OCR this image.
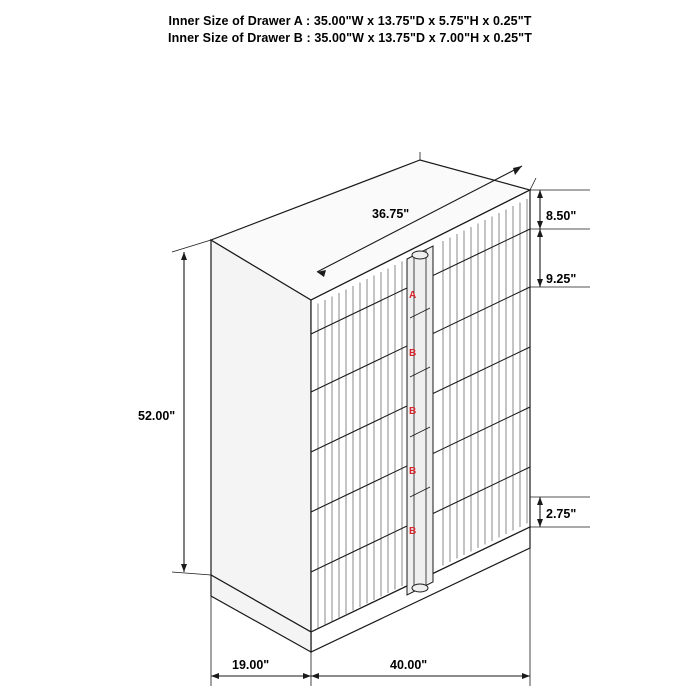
Inner Size of Drawer A : 35.00"W x 13.75"D x 5.75"H x 0.25"T
Inner Size of Drawer B : 35.00"W x 13.75"D x 7.00"H x 0.25"T
A
B
B
B
B
36.75"	8.50"
9.25"
2.75"
52.00"
19.00"	40.00"
